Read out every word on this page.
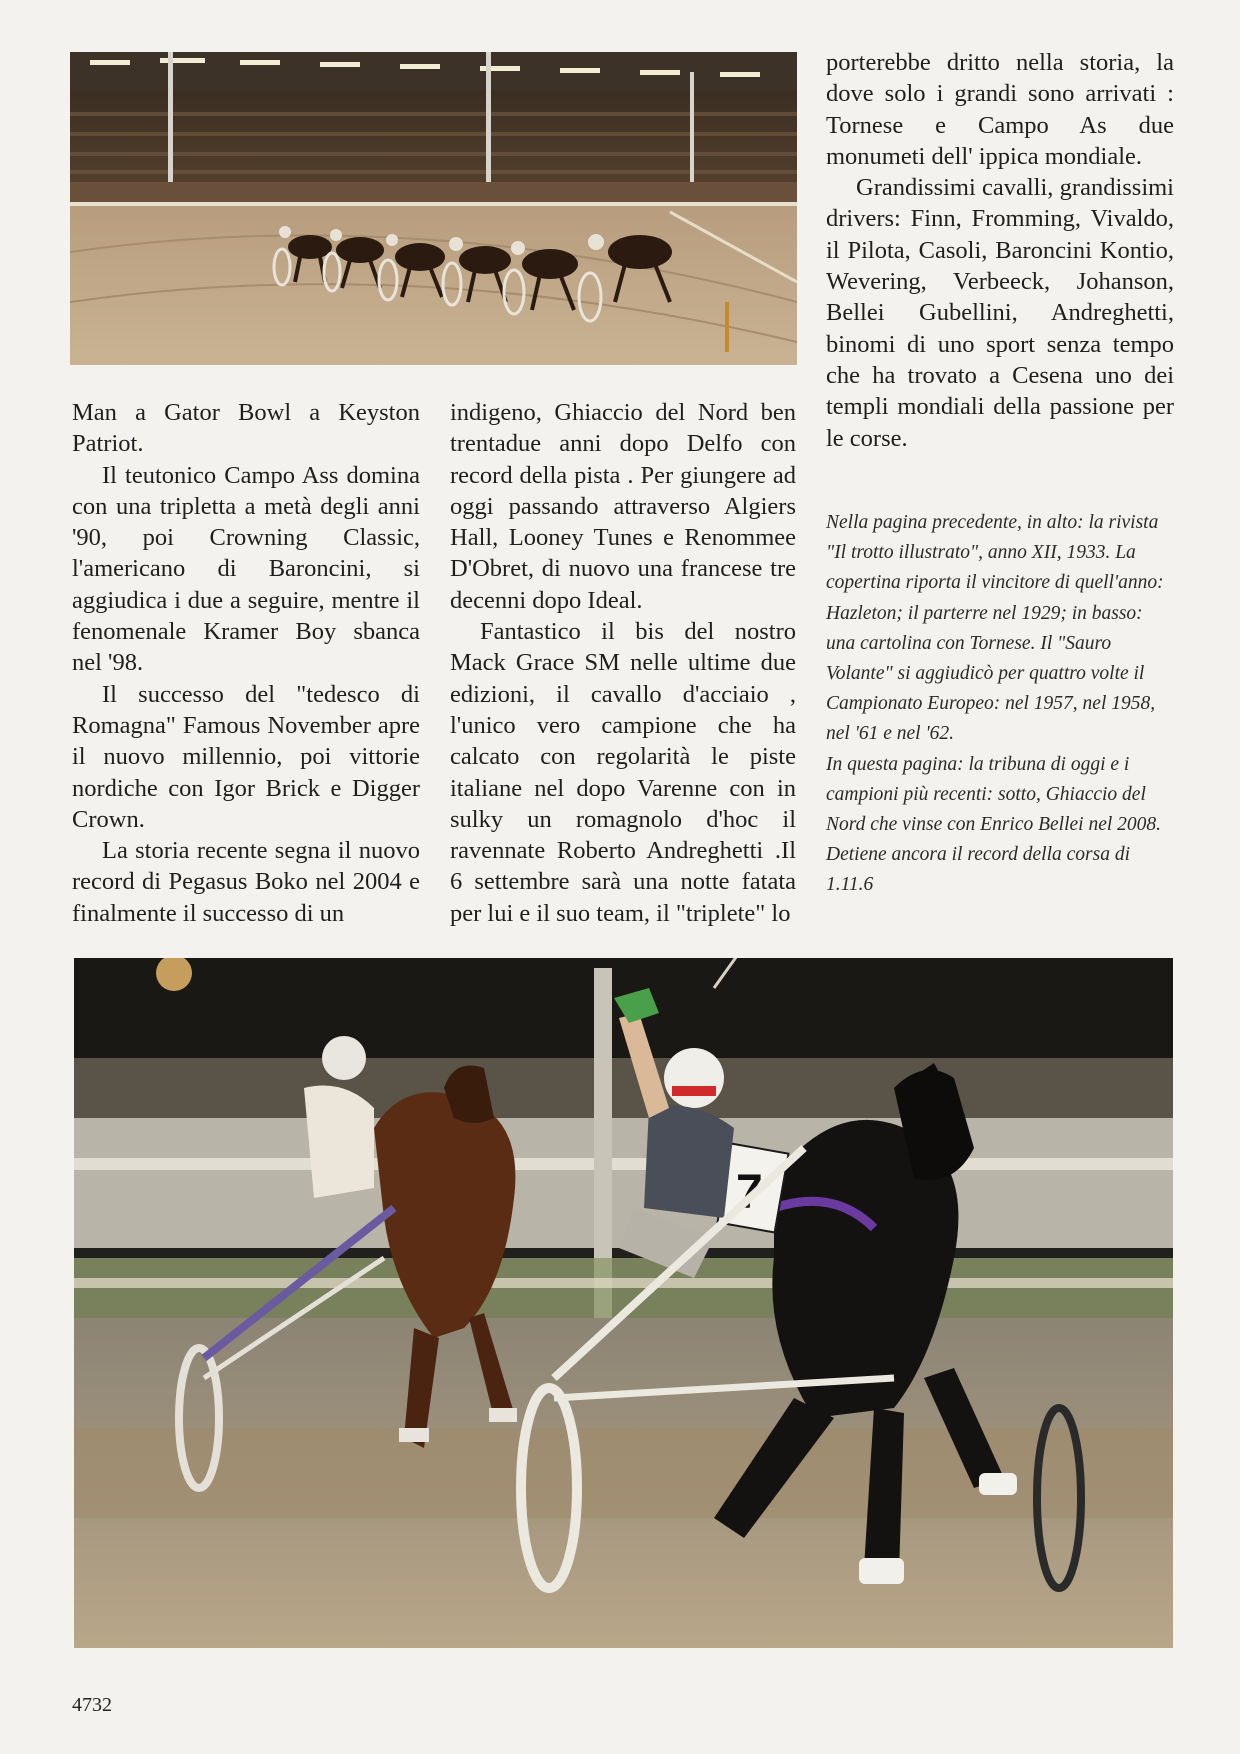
Man a Gator Bowl a Keyston Patriot.

Il teutonico Campo Ass domina con una tripletta a metà degli anni '90, poi Crowning Classic, l'americano di Baroncini, si aggiudica i due a seguire, mentre il fenomenale Kramer Boy sbanca nel '98.

Il successo del "tedesco di Romagna" Famous November apre il nuovo millennio, poi vittorie nordiche con Igor Brick e Digger Crown.

La storia recente segna il nuovo record di Pegasus Boko nel 2004 e finalmente il successo di un

indigeno, Ghiaccio del Nord ben trentadue anni dopo Delfo con record della pista . Per giungere ad oggi passando attraverso Algiers Hall, Looney Tunes e Renommee D'Obret, di nuovo una francese tre decenni dopo Ideal.

Fantastico il bis del nostro Mack Grace SM nelle ultime due edizioni, il cavallo d'acciaio , l'unico vero campione che ha calcato con regolarità le piste italiane nel dopo Varenne con in sulky un romagnolo d'hoc il ravennate Roberto Andreghetti .Il 6 settembre sarà una notte fatata per lui e il suo team, il "triplete" lo

porterebbe dritto nella storia, la dove solo i grandi sono arrivati : Tornese e Campo As due monumeti dell' ippica mondiale.

Grandissimi cavalli, grandissimi drivers: Finn, Fromming, Vivaldo, il Pilota, Casoli, Baroncini Kontio, Wevering, Verbeeck, Johanson, Bellei Gubellini, Andreghetti, binomi di uno sport senza tempo che ha trovato a Cesena uno dei templi mondiali della passione per le corse.

Nella pagina precedente, in alto: la rivista "Il trotto illustrato", anno XII, 1933. La copertina riporta il vincitore di quell'anno: Hazleton; il parterre nel 1929; in basso: una cartolina con Tornese. Il "Sauro Volante" si aggiudicò per quattro volte il Campionato Europeo: nel 1957, nel 1958, nel '61 e nel '62.

In questa pagina: la tribuna di oggi e i campioni più recenti: sotto, Ghiaccio del Nord che vinse con Enrico Bellei nel 2008. Detiene ancora il record della corsa di 1.11.6

7
4732
